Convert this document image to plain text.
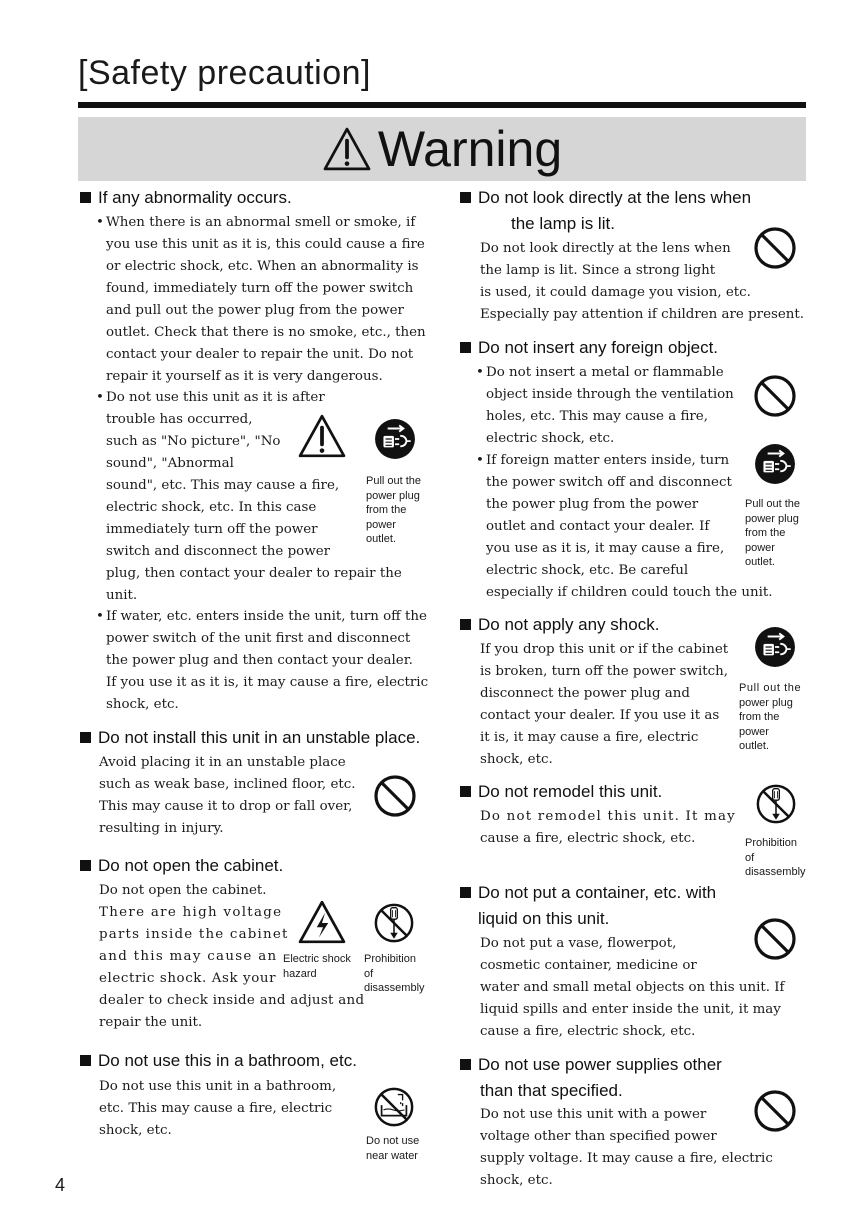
[Safety precaution]
Warning
If any abnormality occurs.
• When there is an abnormal smell or smoke, if
you use this unit as it is, this could cause a fire
or electric shock, etc. When an abnormality is
found, immediately turn off the power switch
and pull out the power plug from the power
outlet. Check that there is no smoke, etc., then
contact your dealer to repair the unit. Do not
repair it yourself as it is very dangerous.
• Do not use this unit as it is after
trouble has occurred,
such as "No picture", "No
sound", "Abnormal
sound", etc. This may cause a fire,
electric shock, etc. In this case
immediately turn off the power
switch and disconnect the power
plug, then contact your dealer to repair the
unit.
Pull out the
power plug
from the
power
outlet.
• If water, etc. enters inside the unit, turn off the
power switch of the unit first and disconnect
the power plug and then contact your dealer.
If you use it as it is, it may cause a fire, electric
shock, etc.
Do not install this unit in an unstable place.
Avoid placing it in an unstable place
such as weak base, inclined floor, etc.
This may cause it to drop or fall over,
resulting in injury.
Do not open the cabinet.
Do not open the cabinet.
There are high voltage
parts inside the cabinet
and this may cause an
electric shock. Ask your
dealer to check inside and adjust and
repair the unit.
Electric shock
hazard
Prohibition
of
disassembly
Do not use this in a bathroom, etc.
Do not use this unit in a bathroom,
etc. This may cause a fire, electric
shock, etc.
Do not use
near water
Do not look directly at the lens when
the lamp is lit.
Do not look directly at the lens when
the lamp is lit. Since a strong light
is used, it could damage you vision, etc.
Especially pay attention if children are present.
Do not insert any foreign object.
• Do not insert a metal or flammable
object inside through the ventilation
holes, etc. This may cause a fire,
electric shock, etc.
• If foreign matter enters inside, turn
the power switch off and disconnect
the power plug from the power
outlet and contact your dealer. If
you use as it is, it may cause a fire,
electric shock, etc. Be careful
especially if children could touch the unit.
Pull out the
power plug
from the
power
outlet.
Do not apply any shock.
If you drop this unit or if the cabinet
is broken, turn off the power switch,
disconnect the power plug and
contact your dealer. If you use it as
it is, it may cause a fire, electric
shock, etc.
Pull out the
power plug
from the
power
outlet.
Do not remodel this unit.
Do not remodel this unit. It may
cause a fire, electric shock, etc.	Prohibition
of
disassembly
Do not put a container, etc. with
liquid on this unit.
Do not put a vase, flowerpot,
cosmetic container, medicine or
water and small metal objects on this unit. If
liquid spills and enter inside the unit, it may
cause a fire, electric shock, etc.
Do not use power supplies other
than that specified.
Do not use this unit with a power
voltage other than specified power
supply voltage. It may cause a fire, electric
shock, etc.
4
